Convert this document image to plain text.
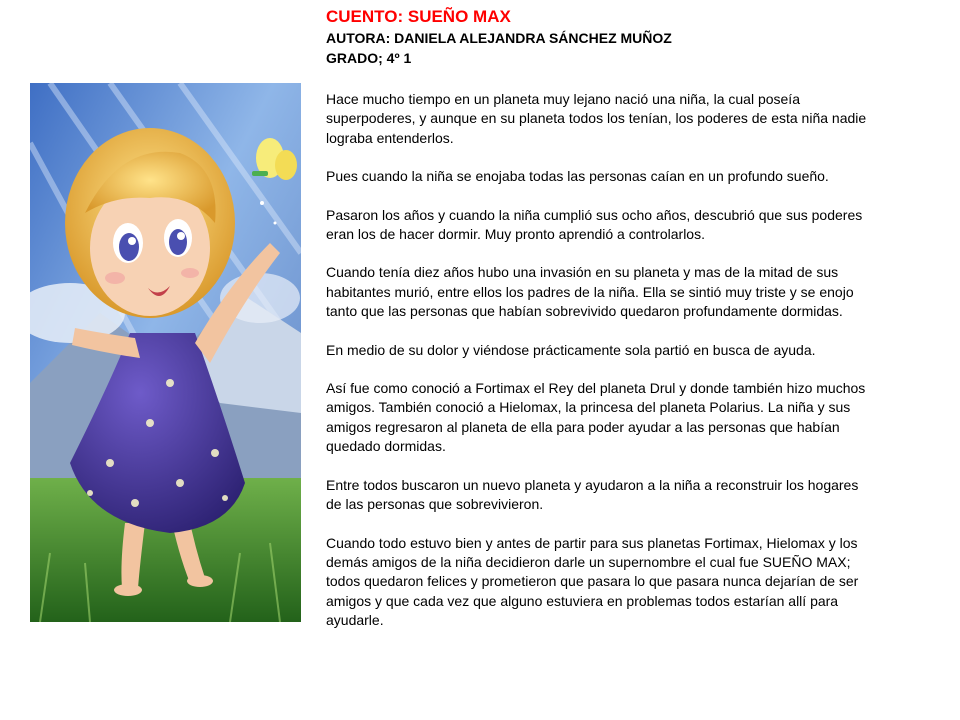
CUENTO: SUEÑO MAX

AUTORA: DANIELA ALEJANDRA SÁNCHEZ MUÑOZ

GRADO; 4º 1

Hace mucho tiempo en un planeta muy lejano nació una niña, la cual poseía
superpoderes, y aunque en su planeta todos los tenían, los poderes de esta niña nadie
lograba entenderlos.
Pues cuando la niña se enojaba todas las personas caían en un profundo sueño.
Pasaron los años y cuando la niña cumplió sus ocho años, descubrió que sus poderes
eran los de hacer dormir. Muy pronto aprendió a controlarlos.
Cuando tenía diez años hubo una invasión en su planeta y mas de la mitad de sus
habitantes murió, entre ellos los padres de la niña. Ella se sintió muy triste y se enojo
tanto que las personas que habían sobrevivido quedaron profundamente dormidas.
En medio de su dolor y viéndose prácticamente sola partió en busca de ayuda.
Así fue como conoció a Fortimax el Rey del planeta Drul y donde también hizo muchos
amigos. También conoció a Hielomax, la princesa del planeta Polarius. La niña y sus
amigos regresaron al planeta de ella para poder ayudar a las personas que habían
quedado dormidas.
Entre todos buscaron un nuevo planeta y ayudaron a la niña a reconstruir los hogares
de las personas que sobrevivieron.
Cuando todo estuvo bien y antes de partir para sus planetas Fortimax, Hielomax y los
demás amigos de la niña decidieron darle un supernombre el cual fue SUEÑO MAX;
todos quedaron felices y prometieron que pasara lo que pasara nunca dejarían de ser
amigos y que cada vez que alguno estuviera en problemas todos estarían allí para
ayudarle.
